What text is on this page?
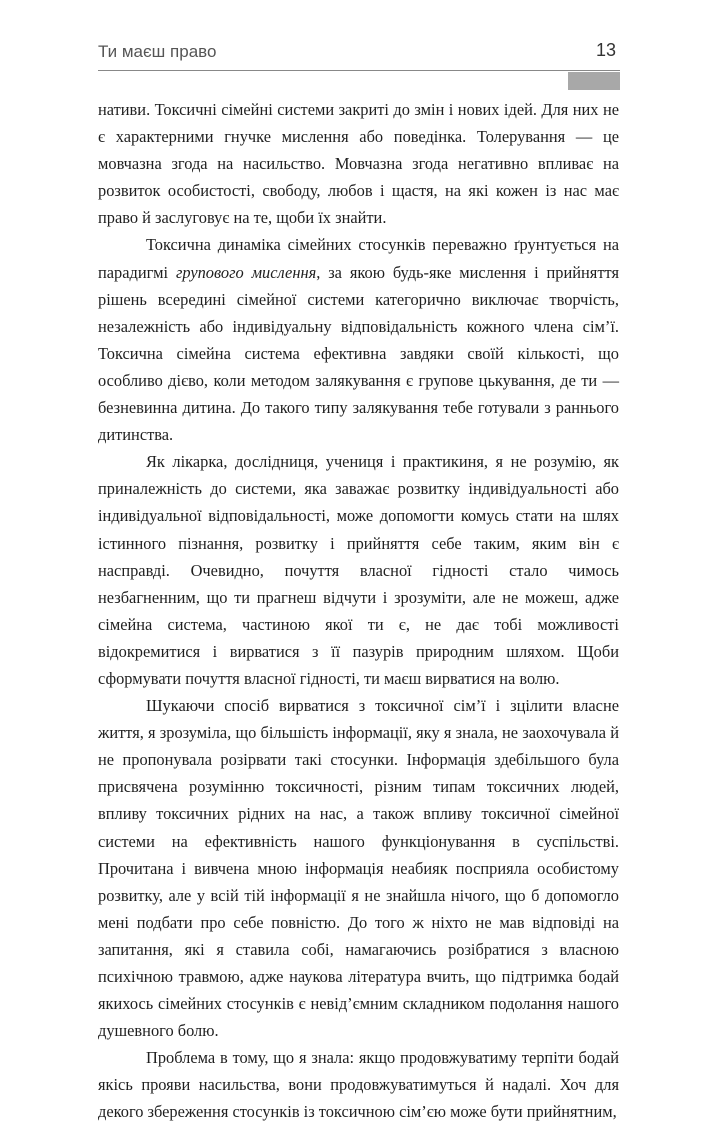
Ти маєш право	13

нативи. Токсичні сімейні системи закриті до змін і нових ідей. Для них не є характерними гнучке мислення або поведінка. Толерування — це мовчазна згода на насильство. Мовчазна згода негативно впливає на розвиток особистості, свободу, любов і щастя, на які кожен із нас має право й заслуговує на те, щоби їх знайти.

Токсична динаміка сімейних стосунків переважно ґрунтується на парадигмі групового мислення, за якою будь-яке мислення і прийняття рішень всередині сімейної системи категорично виключає творчість, незалежність або індивідуальну відповідальність кожного члена сім’ї. Токсична сімейна система ефективна завдяки своїй кількості, що особливо дієво, коли методом залякування є групове цькування, де ти — безневинна дитина. До такого типу залякування тебе готували з раннього дитинства.

Як лікарка, дослідниця, учениця і практикиня, я не розумію, як приналежність до системи, яка заважає розвитку індивідуальності або індивідуальної відповідальності, може допомогти комусь стати на шлях істинного пізнання, розвитку і прийняття себе таким, яким він є насправді. Очевидно, почуття власної гідності стало чимось незбагненним, що ти прагнеш відчути і зрозуміти, але не можеш, адже сімейна система, частиною якої ти є, не дає тобі можливості відокремитися і вирватися з її пазурів природним шляхом. Щоби сформувати почуття власної гідності, ти маєш вирватися на волю.

Шукаючи спосіб вирватися з токсичної сім’ї і зцілити власне життя, я зрозуміла, що більшість інформації, яку я знала, не заохочувала й не пропонувала розірвати такі стосунки. Інформація здебільшого була присвячена розумінню токсичності, різним типам токсичних людей, впливу токсичних рідних на нас, а також впливу токсичної сімейної системи на ефективність нашого функціонування в суспільстві. Прочитана і вивчена мною інформація неабияк посприяла особистому розвитку, але у всій тій інформації я не знайшла нічого, що б допомогло мені подбати про себе повністю. До того ж ніхто не мав відповіді на запитання, які я ставила собі, намагаючись розібратися з власною психічною травмою, адже наукова література вчить, що підтримка бодай якихось сімейних стосунків є невід’ємним складником подолання нашого душевного болю.

Проблема в тому, що я знала: якщо продовжуватиму терпіти бодай якісь прояви насильства, вони продовжуватимуться й надалі. Хоч для декого збереження стосунків із токсичною сім’єю може бути прийнятним,
